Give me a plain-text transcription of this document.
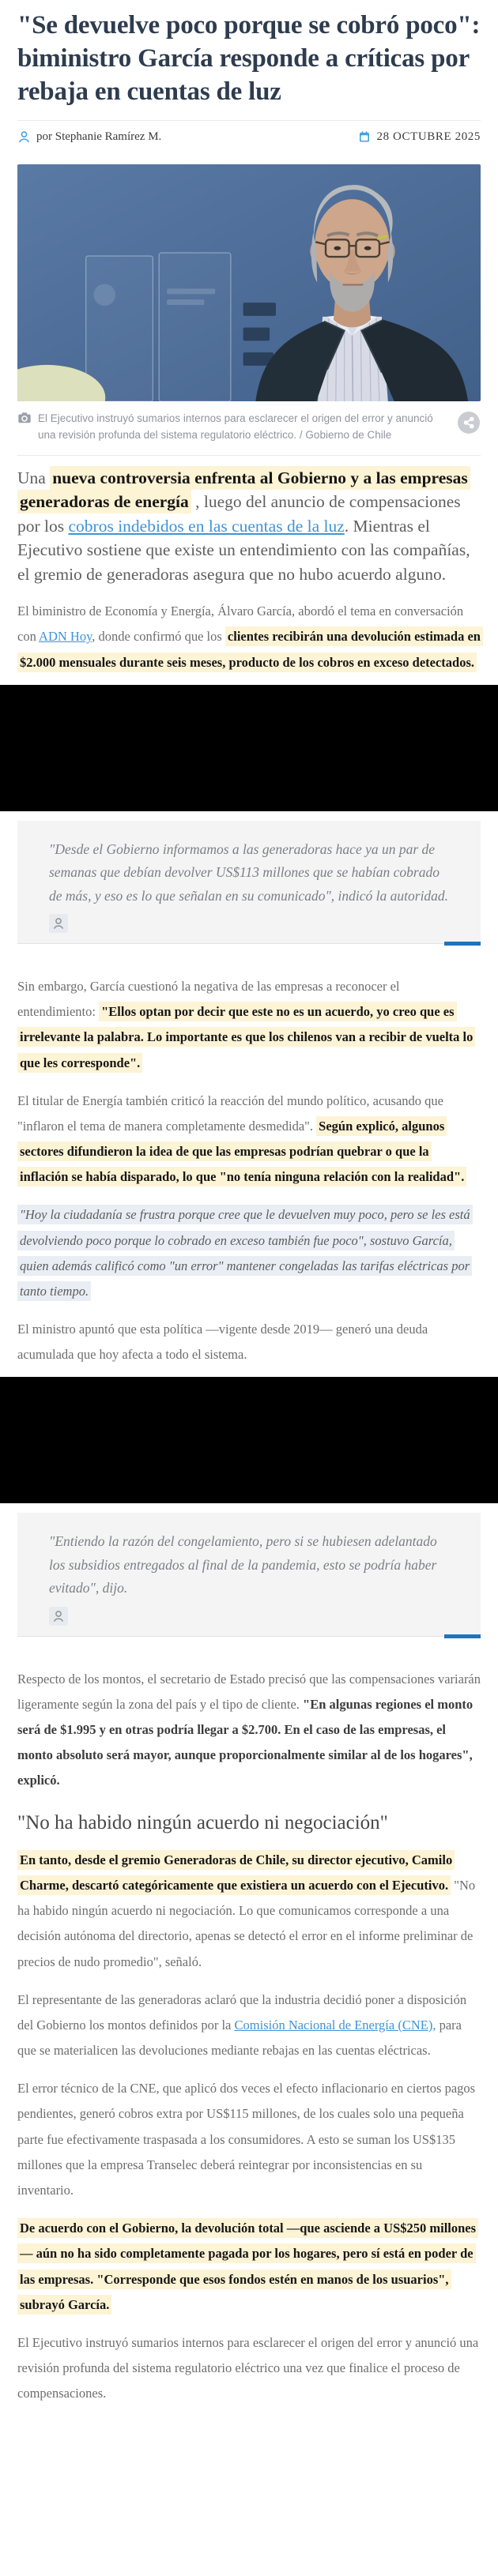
"Se devuelve poco porque se cobró poco": biministro García responde a críticas por rebaja en cuentas de luz
por Stephanie Ramírez M.	28 OCTUBRE 2025
El Ejecutivo instruyó sumarios internos para esclarecer el origen del error y anunció una revisión profunda del sistema regulatorio eléctrico. / Gobierno de Chile

Una nueva controversia enfrenta al Gobierno y a las empresas generadoras de energía , luego del anuncio de compensaciones por los cobros indebidos en las cuentas de la luz. Mientras el Ejecutivo sostiene que existe un entendimiento con las compañías, el gremio de generadoras asegura que no hubo acuerdo alguno.

El biministro de Economía y Energía, Álvaro García, abordó el tema en conversación con ADN Hoy, donde confirmó que los clientes recibirán una devolución estimada en $2.000 mensuales durante seis meses, producto de los cobros en exceso detectados.

"Desde el Gobierno informamos a las generadoras hace ya un par de semanas que debían devolver US$113 millones que se habían cobrado de más, y eso es lo que señalan en su comunicado", indicó la autoridad.

Sin embargo, García cuestionó la negativa de las empresas a reconocer el entendimiento: "Ellos optan por decir que este no es un acuerdo, yo creo que es irrelevante la palabra. Lo importante es que los chilenos van a recibir de vuelta lo que les corresponde".

El titular de Energía también criticó la reacción del mundo político, acusando que "inflaron el tema de manera completamente desmedida". Según explicó, algunos sectores difundieron la idea de que las empresas podrían quebrar o que la inflación se había disparado, lo que "no tenía ninguna relación con la realidad".

"Hoy la ciudadanía se frustra porque cree que le devuelven muy poco, pero se les está devolviendo poco porque lo cobrado en exceso también fue poco", sostuvo García, quien además calificó como "un error" mantener congeladas las tarifas eléctricas por tanto tiempo.

El ministro apuntó que esta política —vigente desde 2019— generó una deuda acumulada que hoy afecta a todo el sistema.

"Entiendo la razón del congelamiento, pero si se hubiesen adelantado los subsidios entregados al final de la pandemia, esto se podría haber evitado", dijo.

Respecto de los montos, el secretario de Estado precisó que las compensaciones variarán ligeramente según la zona del país y el tipo de cliente. "En algunas regiones el monto será de $1.995 y en otras podría llegar a $2.700. En el caso de las empresas, el monto absoluto será mayor, aunque proporcionalmente similar al de los hogares", explicó.

"No ha habido ningún acuerdo ni negociación"

En tanto, desde el gremio Generadoras de Chile, su director ejecutivo, Camilo Charme, descartó categóricamente que existiera un acuerdo con el Ejecutivo. "No ha habido ningún acuerdo ni negociación. Lo que comunicamos corresponde a una decisión autónoma del directorio, apenas se detectó el error en el informe preliminar de precios de nudo promedio", señaló.

El representante de las generadoras aclaró que la industria decidió poner a disposición del Gobierno los montos definidos por la Comisión Nacional de Energía (CNE), para que se materialicen las devoluciones mediante rebajas en las cuentas eléctricas.

El error técnico de la CNE, que aplicó dos veces el efecto inflacionario en ciertos pagos pendientes, generó cobros extra por US$115 millones, de los cuales solo una pequeña parte fue efectivamente traspasada a los consumidores. A esto se suman los US$135 millones que la empresa Transelec deberá reintegrar por inconsistencias en su inventario.

De acuerdo con el Gobierno, la devolución total —que asciende a US$250 millones— aún no ha sido completamente pagada por los hogares, pero sí está en poder de las empresas. "Corresponde que esos fondos estén en manos de los usuarios", subrayó García.

El Ejecutivo instruyó sumarios internos para esclarecer el origen del error y anunció una revisión profunda del sistema regulatorio eléctrico una vez que finalice el proceso de compensaciones.
